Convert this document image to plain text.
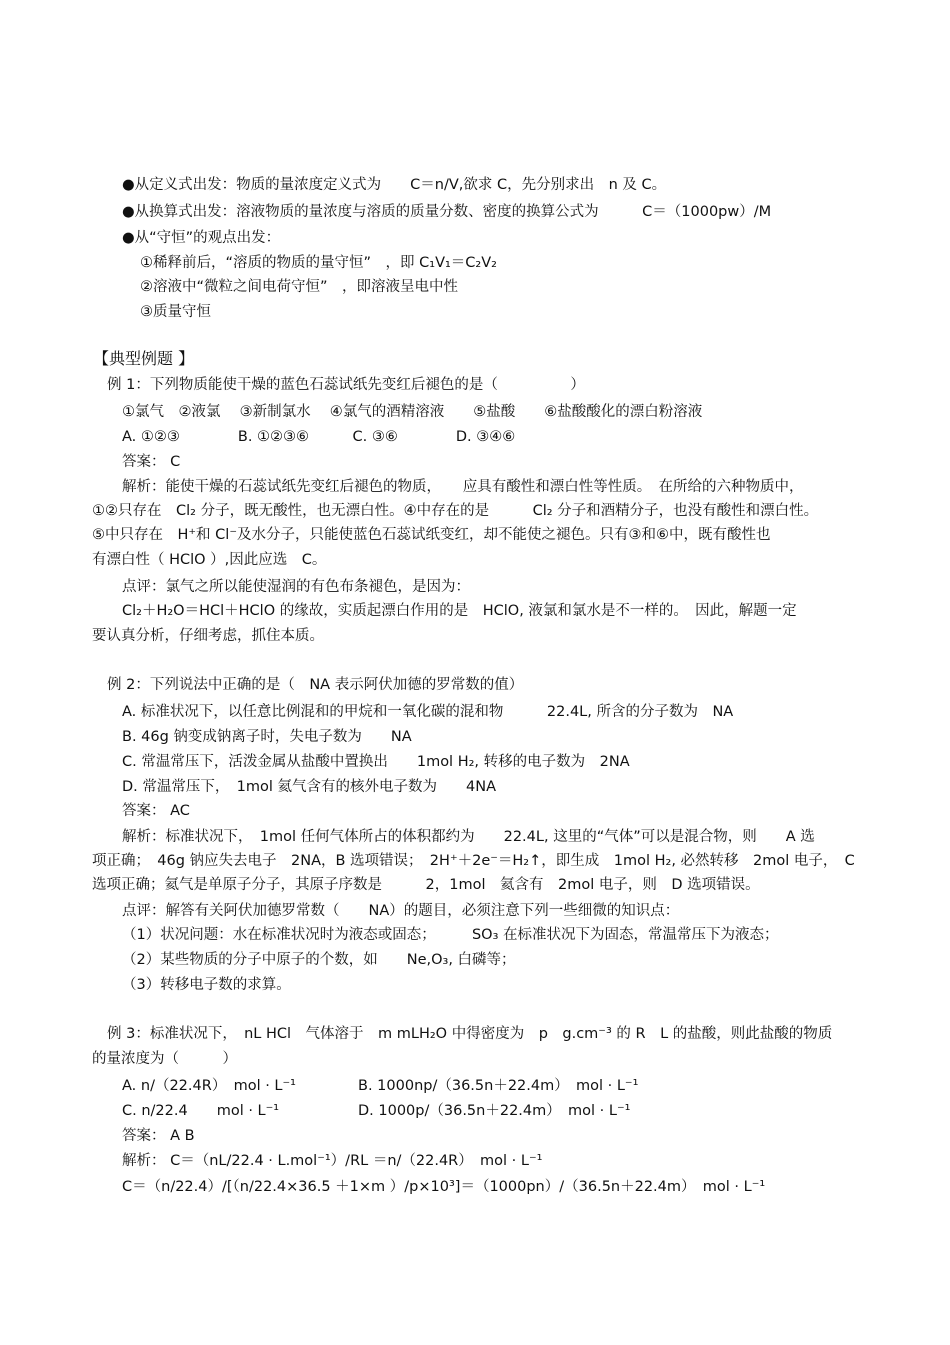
●从定义式出发：物质的量浓度定义式为　　C＝n/V,欲求 C，先分别求出　n 及 C。
●从换算式出发：溶液物质的量浓度与溶质的质量分数、密度的换算公式为　　　C＝（1000pw）/M
●从“守恒”的观点出发：
①稀释前后，“溶质的物质的量守恒”　，即 C₁V₁＝C₂V₂
②溶液中“微粒之间电荷守恒”　，即溶液呈电中性
③质量守恒
【典型例题 】
例 1：下列物质能使干燥的蓝色石蕊试纸先变红后褪色的是（　　　　　）
①氯气　②液氯　 ③新制氯水　 ④氯气的酒精溶液　　⑤盐酸　　⑥盐酸酸化的漂白粉溶液
A. ①②③　　　　B. ①②③⑥　　　C. ③⑥　　　　D. ③④⑥
答案： C
解析：能使干燥的石蕊试纸先变红后褪色的物质，　　应具有酸性和漂白性等性质。　在所给的六种物质中，
①②只存在　Cl₂ 分子，既无酸性，也无漂白性。④中存在的是　　　Cl₂ 分子和酒精分子，也没有酸性和漂白性。
⑤中只存在　H⁺和 Cl⁻及水分子，只能使蓝色石蕊试纸变红，却不能使之褪色。只有③和⑥中，既有酸性也
有漂白性（ HClO ）,因此应选　C。
点评：氯气之所以能使湿润的有色布条褪色，是因为：
Cl₂＋H₂O＝HCl＋HClO 的缘故，实质起漂白作用的是　HClO, 液氯和氯水是不一样的。　因此，解题一定
要认真分析，仔细考虑，抓住本质。
例 2：下列说法中正确的是（　NA 表示阿伏加德的罗常数的值）
A. 标准状况下，以任意比例混和的甲烷和一氧化碳的混和物　　　22.4L, 所含的分子数为　NA
B. 46g 钠变成钠离子时，失电子数为　　NA
C. 常温常压下，活泼金属从盐酸中置换出　　1mol H₂, 转移的电子数为　2NA
D. 常温常压下，　1mol 氦气含有的核外电子数为　　4NA
答案： AC
解析：标准状况下，　1mol 任何气体所占的体积都约为　　22.4L, 这里的“气体”可以是混合物，则　　A 选
项正确；　46g 钠应失去电子　2NA，B 选项错误；　2H⁺＋2e⁻＝H₂↑，即生成　1mol H₂, 必然转移　2mol 电子，　C
选项正确；氦气是单原子分子，其原子序数是　　　2，1mol　氦含有　2mol 电子，则　D 选项错误。
点评：解答有关阿伏加德罗常数（　　NA）的题目，必须注意下列一些细微的知识点：
（1）状况问题：水在标准状况时为液态或固态；　　　SO₃ 在标准状况下为固态，常温常压下为液态；
（2）某些物质的分子中原子的个数，如　　Ne,O₃, 白磷等；
（3）转移电子数的求算。
例 3：标准状况下，　nL HCl　气体溶于　m mLH₂O 中得密度为　p　g.cm⁻³ 的 R　L 的盐酸，则此盐酸的物质
的量浓度为（　　　）
A. n/（22.4R）　mol · L⁻¹	B. 1000np/（36.5n＋22.4m）　mol · L⁻¹
C. n/22.4　　mol · L⁻¹	D. 1000p/（36.5n＋22.4m）　mol · L⁻¹
答案： A B
解析： C＝（nL/22.4 · L.mol⁻¹）/RL ＝n/（22.4R）　mol · L⁻¹
C＝（n/22.4）/[（n/22.4×36.5 ＋1×m ）/p×10³]＝（1000pn）/（36.5n＋22.4m）　mol · L⁻¹
